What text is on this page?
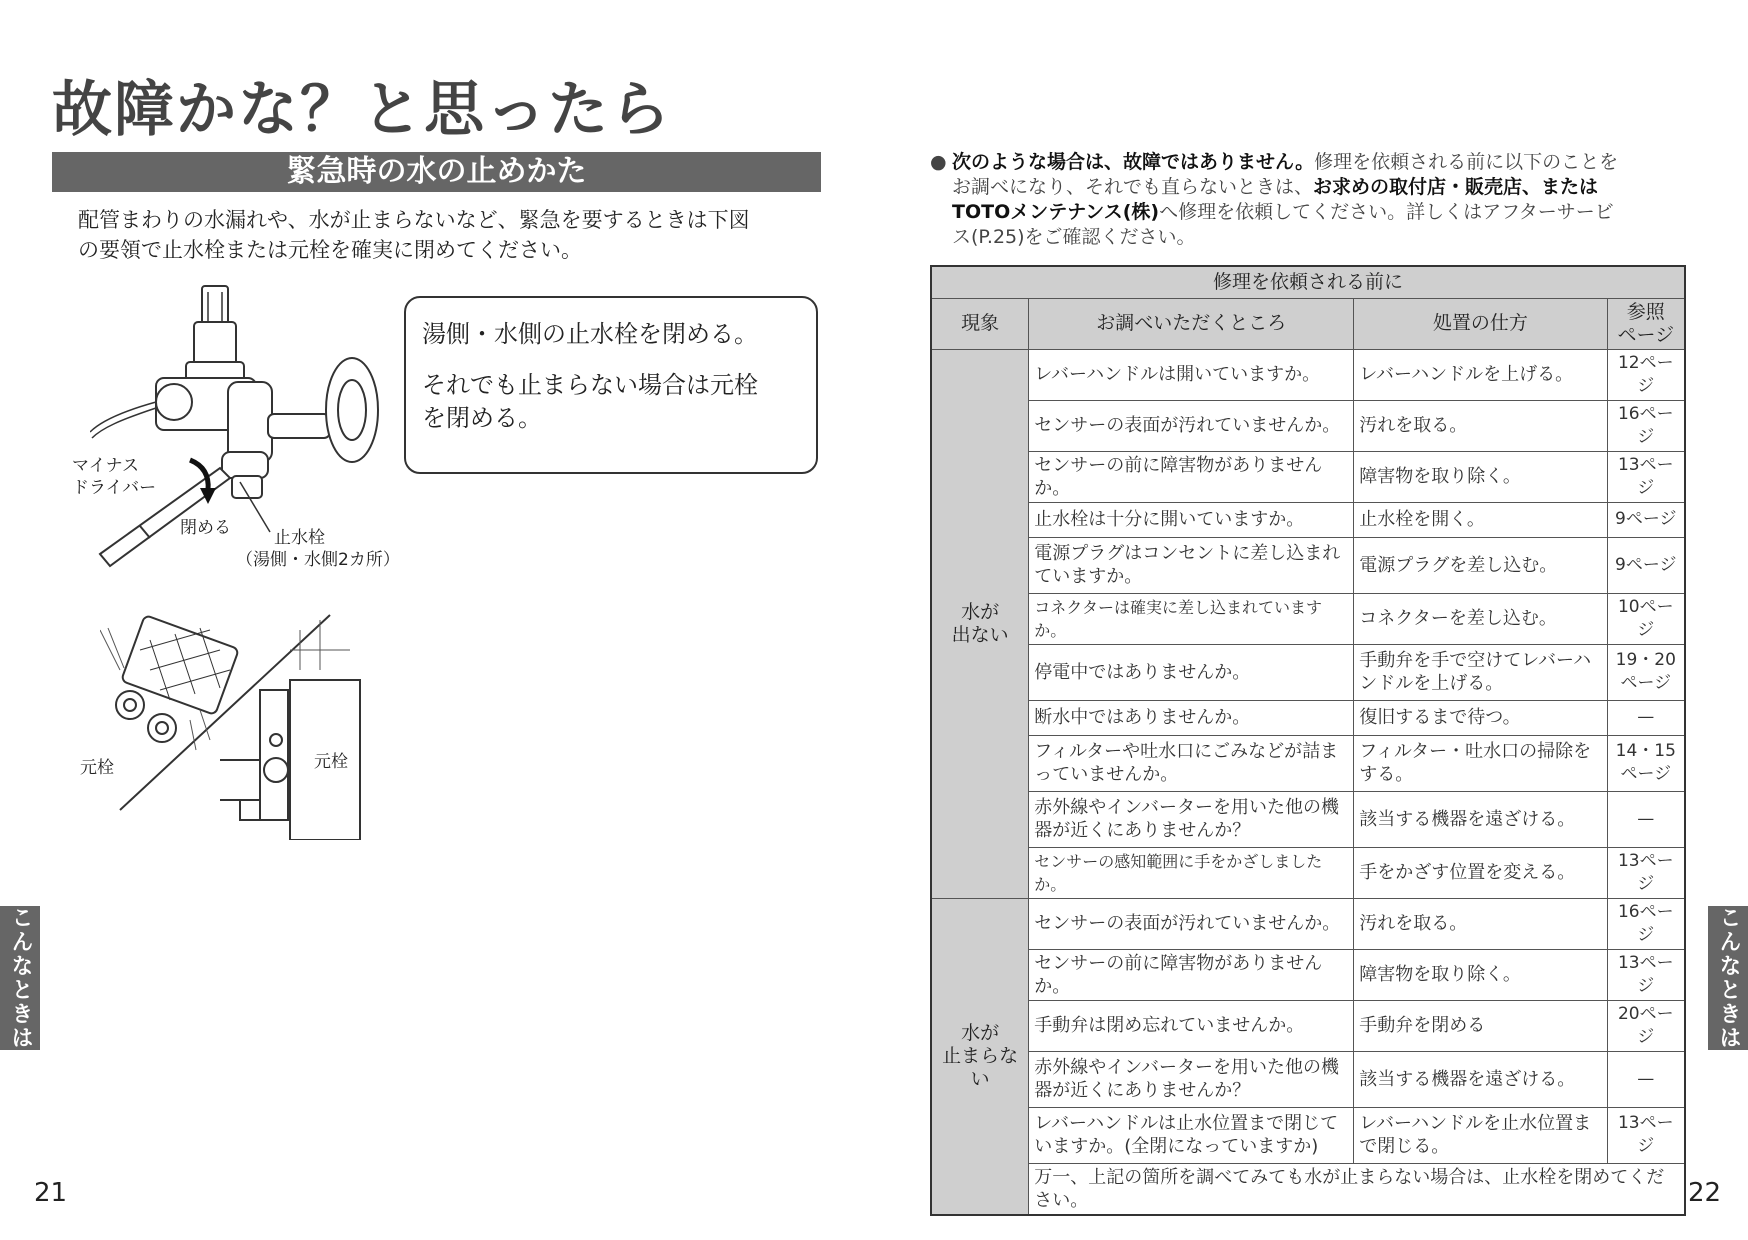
故障かな？と思ったら
緊急時の水の止めかた
配管まわりの水漏れや、水が止まらないなど、緊急を要するときは下図
の要領で止水栓または元栓を確実に閉めてください。
湯側・水側の止水栓を閉める。
それでも止まらない場合は元栓
を閉める。
マイナス
ドライバー
閉める	止水栓
（湯側・水側2カ所）
元栓	元栓
こんなときは
21
● 次のような場合は、故障ではありません。修理を依頼される前に以下のことを
お調べになり、それでも直らないときは、お求めの取付店・販売店、または
TOTOメンテナンス(株)へ修理を依頼してください。詳しくはアフターサービ
ス(P.25)をご確認ください。
修理を依頼される前に			
現象	お調べいただくところ	処置の仕方	参照
ページ
水が
出ない	レバーハンドルは開いていますか。	レバーハンドルを上げる。	12ページ
	センサーの表面が汚れていませんか。	汚れを取る。	16ページ
	センサーの前に障害物がありませんか。	障害物を取り除く。	13ページ
	止水栓は十分に開いていますか。	止水栓を開く。	9ページ
	電源プラグはコンセントに差し込まれていますか。	電源プラグを差し込む。	9ページ
	コネクターは確実に差し込まれていますか。	コネクターを差し込む。	10ページ
	停電中ではありませんか。	手動弁を手で空けてレバーハンドルを上げる。	19・20ページ
	断水中ではありませんか。	復旧するまで待つ。	—
	フィルターや吐水口にごみなどが詰まっていませんか。	フィルター・吐水口の掃除をする。	14・15ページ
	赤外線やインバーターを用いた他の機器が近くにありませんか？	該当する機器を遠ざける。	—
	センサーの感知範囲に手をかざしましたか。	手をかざす位置を変える。	13ページ
水が
止まらない	センサーの表面が汚れていませんか。	汚れを取る。	16ページ
	センサーの前に障害物がありませんか。	障害物を取り除く。	13ページ
	手動弁は閉め忘れていませんか。	手動弁を閉める	20ページ
	赤外線やインバーターを用いた他の機器が近くにありませんか？	該当する機器を遠ざける。	—
	レバーハンドルは止水位置まで閉じていますか。(全閉になっていますか)	レバーハンドルを止水位置まで閉じる。	13ページ
	万一、上記の箇所を調べてみても水が止まらない場合は、止水栓を閉めてください。		
こんなときは
22
